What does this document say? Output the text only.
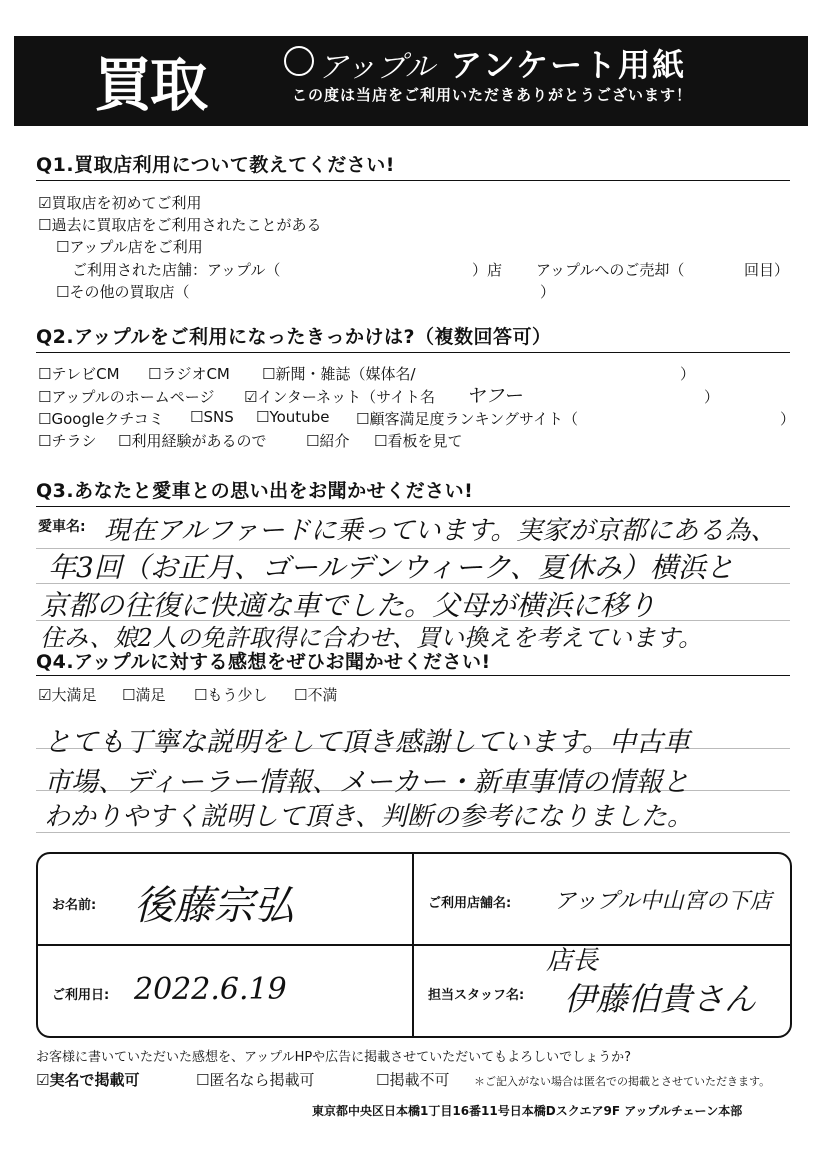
買取	アップル アンケート用紙
この度は当店をご利用いただきありがとうございます！
Q1.買取店利用について教えてください!
☑買取店を初めてご利用
☐過去に買取店をご利用されたことがある
☐アップル店をご利用
ご利用された店舗：アップル（	）店 アップルへのご売却（	回目）
☐その他の買取店（	）
Q2.アップルをご利用になったきっかけは?（複数回答可）
☐テレビCM ☐ラジオCM ☐新聞・雑誌（媒体名/	）
☐アップルのホームページ ☑インターネット（サイト名 ヤフー	）
☐Googleクチコミ ☐SNS ☐Youtube ☐顧客満足度ランキングサイト（	）
☐チラシ ☐利用経験があるので	☐紹介 ☐看板を見て
Q3.あなたと愛車との思い出をお聞かせください!
愛車名: 現在アルファードに乗っています。実家が京都にある為、
年3回（お正月、ゴールデンウィーク、夏休み）横浜と
京都の往復に快適な車でした。父母が横浜に移り
住み、娘2人の免許取得に合わせ、買い換えを考えています。
Q4.アップルに対する感想をぜひお聞かせください!
☑大満足 ☐満足 ☐もう少し ☐不満
とても丁寧な説明をして頂き感謝しています。中古車
市場、ディーラー情報、メーカー・新車事情の情報と
わかりやすく説明して頂き、判断の参考になりました。
お名前: 後藤宗弘	ご利用店舗名: アップル中山宮の下店
ご利用日: 2022.6.19	担当スタッフ名:
店長
伊藤伯貴さん
お客様に書いていただいた感想を、アップルHPや広告に掲載させていただいてもよろしいでしょうか?
☑実名で掲載可	☐匿名なら掲載可	☐掲載不可 ＊ご記入がない場合は匿名での掲載とさせていただきます。
東京都中央区日本橋1丁目16番11号日本橋Dスクエア9F アップルチェーン本部
